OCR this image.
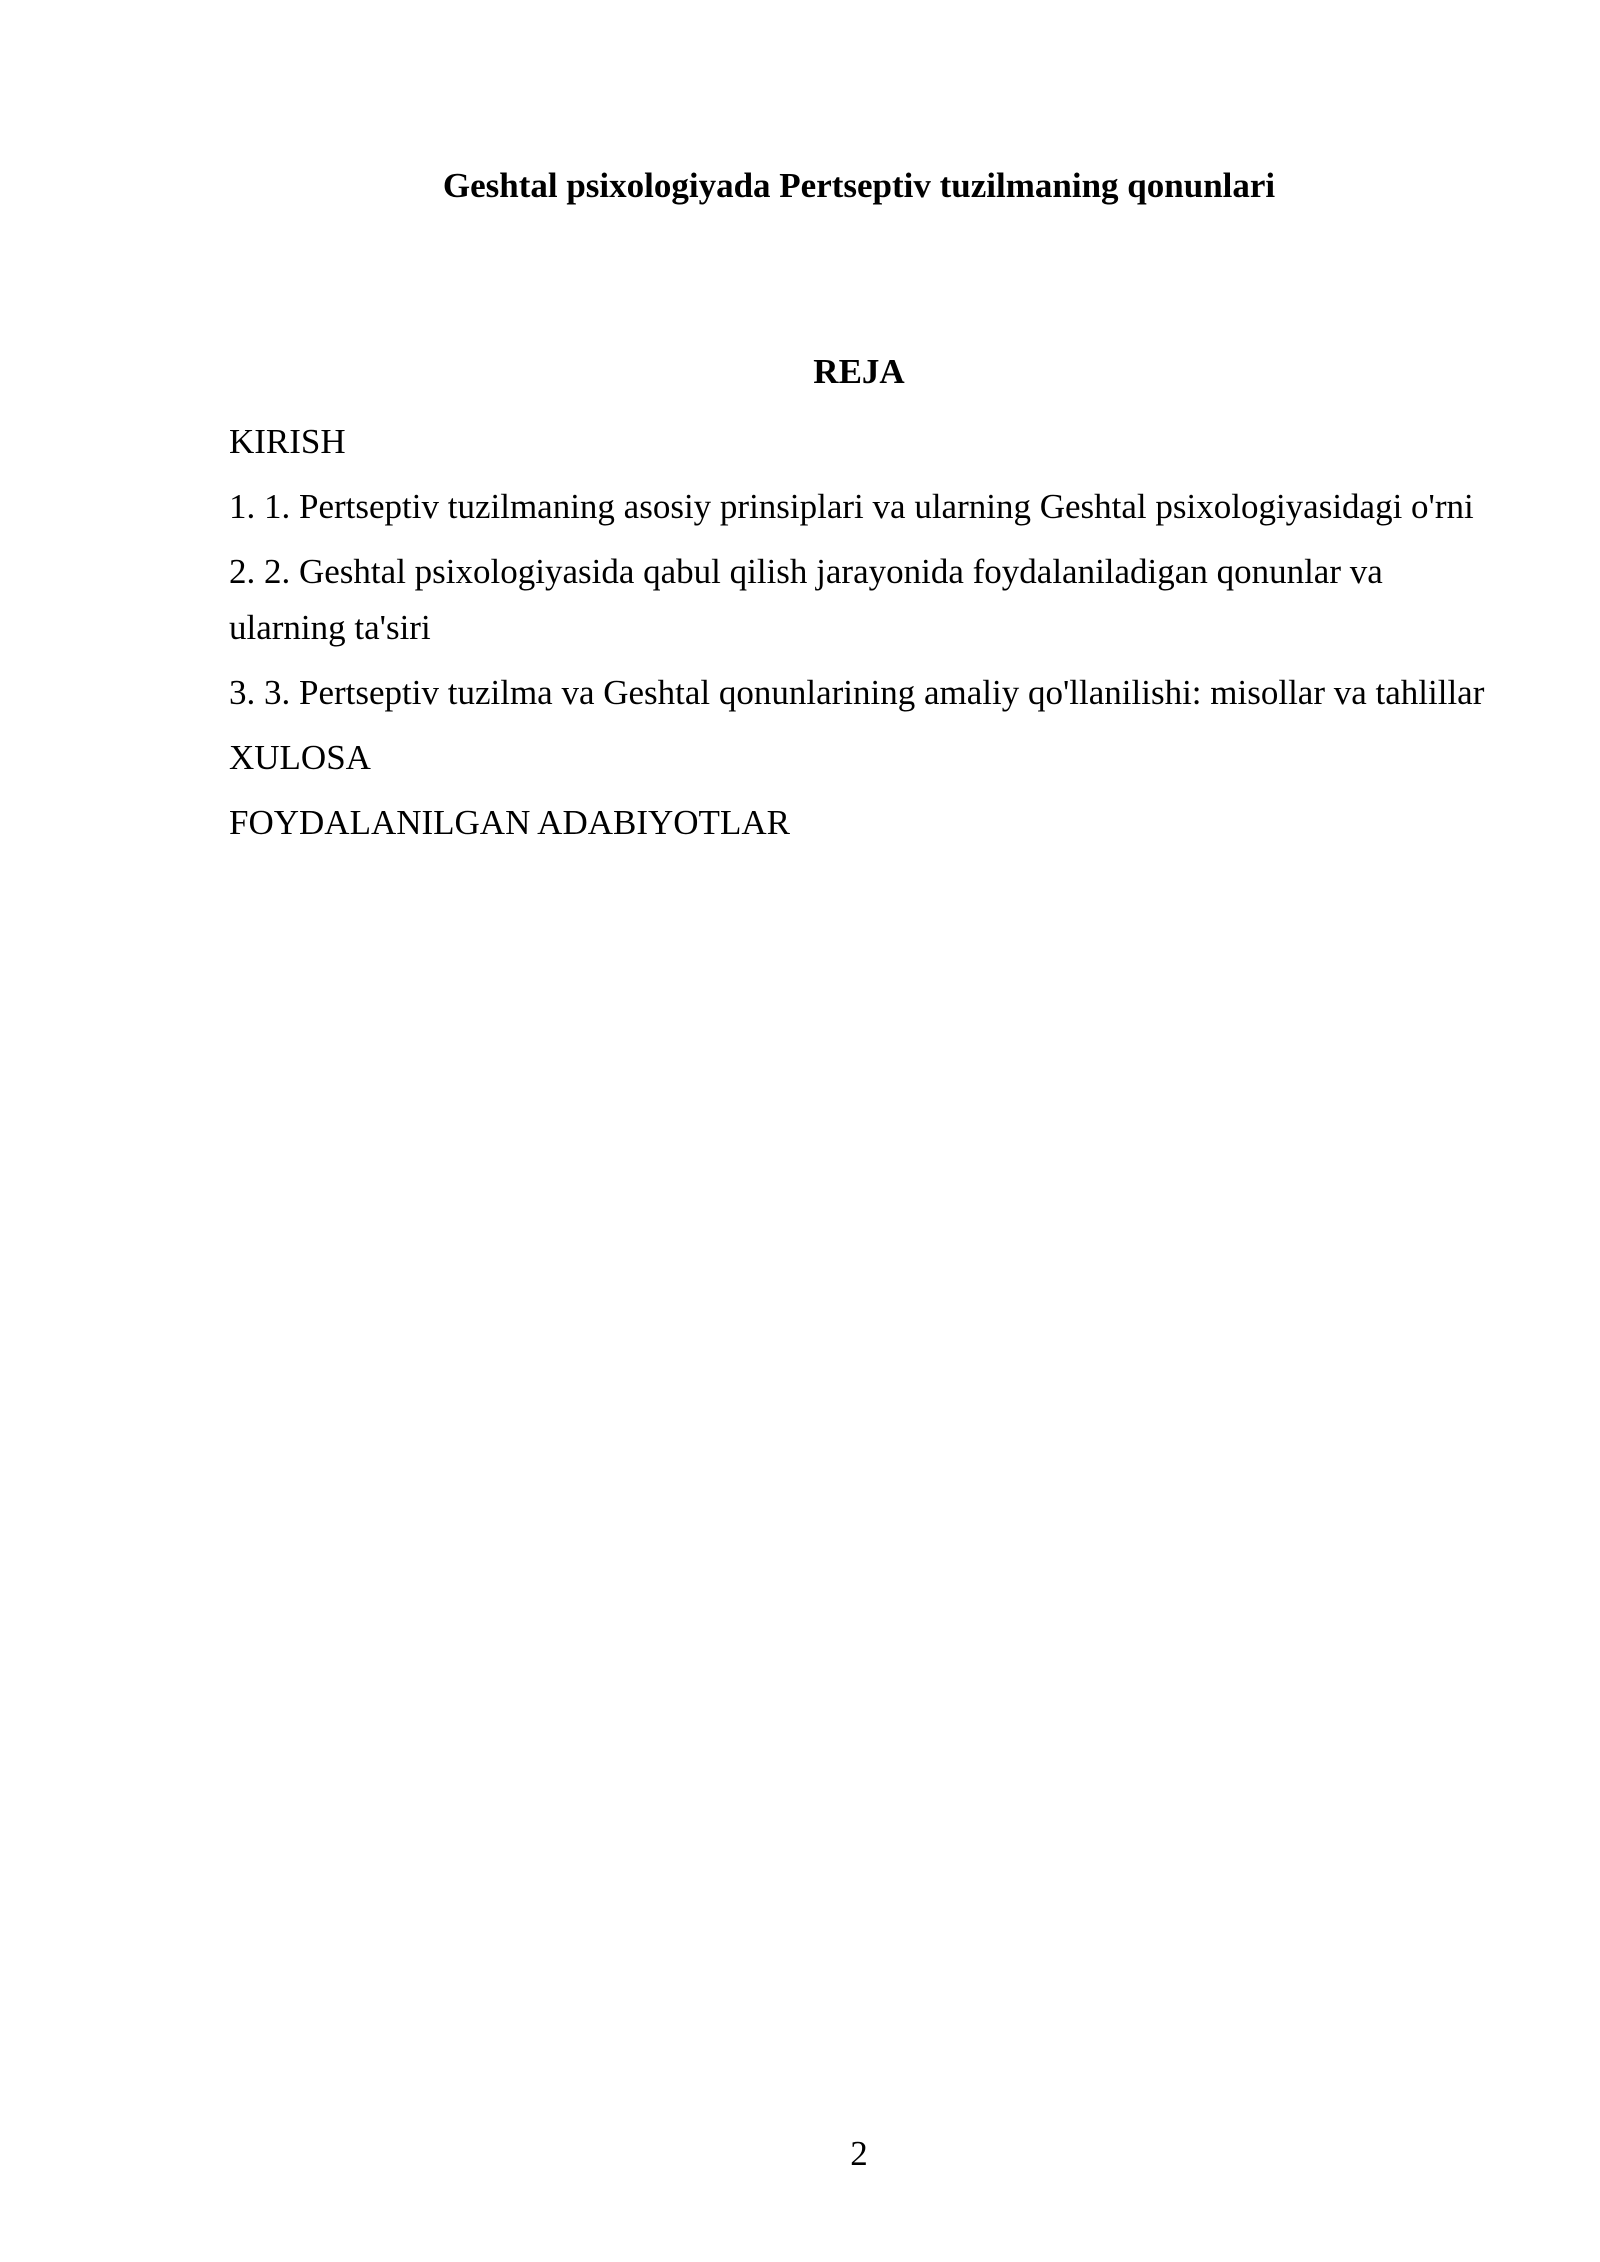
Geshtal psixologiyada Pertseptiv tuzilmaning qonunlari
REJA
KIRISH
1. 1. Pertseptiv tuzilmaning asosiy prinsiplari va ularning Geshtal psixologiyasidagi o'rni
2. 2. Geshtal psixologiyasida qabul qilish jarayonida foydalaniladigan qonunlar va ularning ta'siri
3. 3. Pertseptiv tuzilma va Geshtal qonunlarining amaliy qo'llanilishi: misollar va tahlillar
XULOSA
FOYDALANILGAN ADABIYOTLAR
2
